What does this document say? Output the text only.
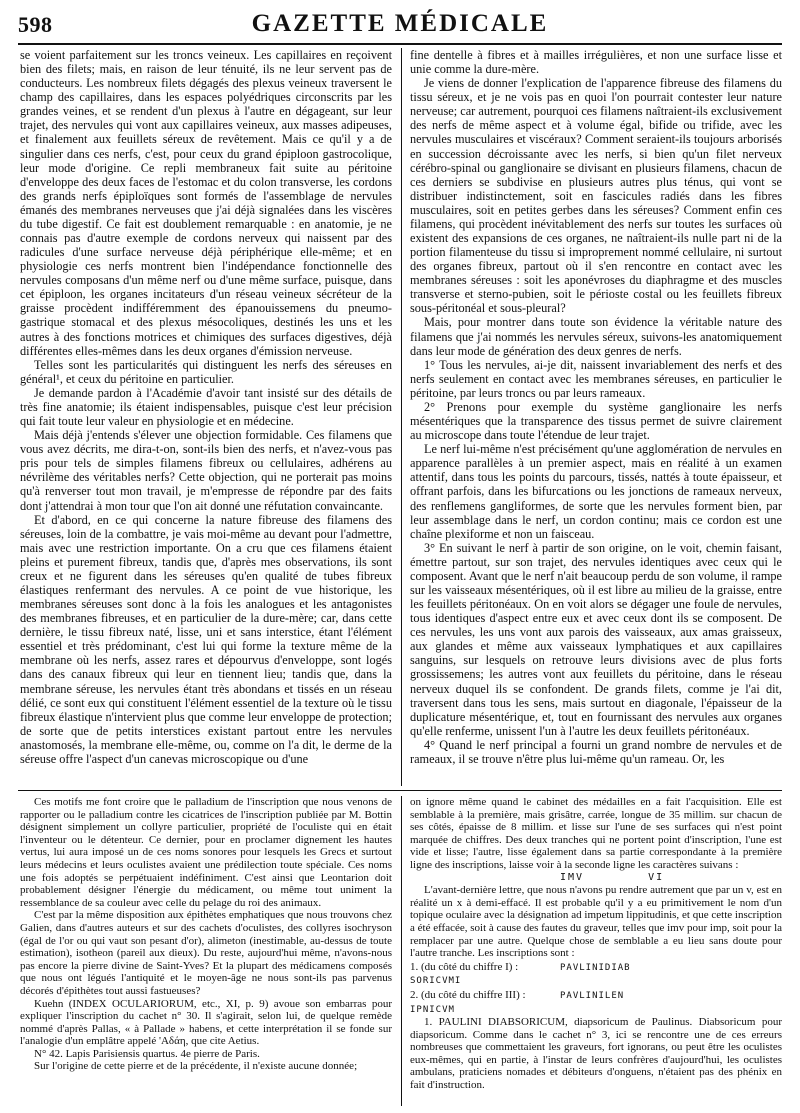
598	GAZETTE MÉDICALE

se voient parfaitement sur les troncs veineux. Les capillaires en reçoivent bien des filets; mais, en raison de leur ténuité, ils ne leur servent pas de conducteurs. Les nombreux filets dégagés des plexus veineux traversent le champ des capillaires, dans les espaces polyédriques circonscrits par les grandes veines, et se rendent d'un plexus à l'autre en dégageant, sur leur trajet, des nervules qui vont aux capillaires veineux, aux masses adipeuses, et finalement aux feuillets séreux de revêtement. Mais ce qu'il y a de singulier dans ces nerfs, c'est, pour ceux du grand épiploon gastrocolique, leur mode d'origine. Ce repli membraneux fait suite au péritoine d'enveloppe des deux faces de l'estomac et du colon transverse, les cordons des grands nerfs épiploïques sont formés de l'assemblage de nervules émanés des membranes nerveuses que j'ai déjà signalées dans les viscères du tube digestif. Ce fait est doublement remarquable : en anatomie, je ne connais pas d'autre exemple de cordons nerveux qui naissent par des radicules d'une surface nerveuse déjà périphérique elle-même; et en physiologie ces nerfs montrent bien l'indépendance fonctionnelle des nervules composans d'un même nerf ou d'une même surface, puisque, dans cet épiploon, les organes incitateurs d'un réseau veineux sécréteur de la graisse procèdent indifféremment des épanouissemens du pneumo-gastrique stomacal et des plexus mésocoliques, destinés les uns et les autres à des fonctions motrices et chimiques des surfaces digestives, déjà différentes elles-mêmes dans les deux organes d'émission nerveuse.

Telles sont les particularités qui distinguent les nerfs des séreuses en général¹, et ceux du péritoine en particulier.

Je demande pardon à l'Académie d'avoir tant insisté sur des détails de très fine anatomie; ils étaient indispensables, puisque c'est leur précision qui fait toute leur valeur en physiologie et en médecine.

Mais déjà j'entends s'élever une objection formidable. Ces filamens que vous avez décrits, me dira-t-on, sont-ils bien des nerfs, et n'avez-vous pas pris pour tels de simples filamens fibreux ou cellulaires, adhérens au névrilème des véritables nerfs? Cette objection, qui ne porterait pas moins qu'à renverser tout mon travail, je m'empresse de répondre par des faits dont j'attendrai à mon tour que l'on ait donné une réfutation convaincante.

Et d'abord, en ce qui concerne la nature fibreuse des filamens des séreuses, loin de la combattre, je vais moi-même au devant pour l'admettre, mais avec une restriction importante. On a cru que ces filamens étaient pleins et purement fibreux, tandis que, d'après mes observations, ils sont creux et ne figurent dans les séreuses qu'en qualité de tubes fibreux élastiques renfermant des nervules. A ce point de vue historique, les membranes séreuses sont donc à la fois les analogues et les antagonistes des membranes fibreuses, et en particulier de la dure-mère; car, dans cette dernière, le tissu fibreux naté, lisse, uni et sans interstice, étant l'élément essentiel et très prédominant, c'est lui qui forme la texture même de la membrane où les nerfs, assez rares et dépourvus d'enveloppe, sont logés dans des canaux fibreux qui leur en tiennent lieu; tandis que, dans la membrane séreuse, les nervules étant très abondans et tissés en un réseau délié, ce sont eux qui constituent l'élément essentiel de la texture où le tissu fibreux élastique n'intervient plus que comme leur enveloppe de protection; de sorte que de petits interstices existant partout entre les nervules anastomosés, la membrane elle-même, ou, comme on l'a dit, le derme de la séreuse offre l'aspect d'un canevas microscopique ou d'une

fine dentelle à fibres et à mailles irrégulières, et non une surface lisse et unie comme la dure-mère.

Je viens de donner l'explication de l'apparence fibreuse des filamens du tissu séreux, et je ne vois pas en quoi l'on pourrait contester leur nature nerveuse; car autrement, pourquoi ces filamens naîtraient-ils exclusivement des nerfs de même aspect et à volume égal, bifide ou trifide, avec les nervules musculaires et viscéraux? Comment seraient-ils toujours arborisés en succession décroissante avec les nerfs, si bien qu'un filet nerveux cérébro-spinal ou ganglionaire se divisant en plusieurs filamens, chacun de ces derniers se subdivise en plusieurs autres plus ténus, qui vont se distribuer indistinctement, soit en fascicules radiés dans les fibres musculaires, soit en petites gerbes dans les séreuses? Comment enfin ces filamens, qui procèdent inévitablement des nerfs sur toutes les surfaces où existent des expansions de ces organes, ne naîtraient-ils nulle part ni de la portion filamenteuse du tissu si improprement nommé cellulaire, ni surtout des organes fibreux, partout où il s'en rencontre en contact avec les membranes séreuses : soit les aponévroses du diaphragme et des muscles transverse et sterno-pubien, soit le périoste costal ou les feuillets fibreux sous-péritonéal et sous-pleural?

Mais, pour montrer dans toute son évidence la véritable nature des filamens que j'ai nommés les nervules séreux, suivons-les anatomiquement dans leur mode de génération des deux genres de nerfs.

1° Tous les nervules, ai-je dit, naissent invariablement des nerfs et des nerfs seulement en contact avec les membranes séreuses, en particulier le péritoine, par leurs troncs ou par leurs rameaux.

2° Prenons pour exemple du système ganglionaire les nerfs mésentériques que la transparence des tissus permet de suivre clairement au microscope dans toute l'étendue de leur trajet.

Le nerf lui-même n'est précisément qu'une agglomération de nervules en apparence parallèles à un premier aspect, mais en réalité à un examen attentif, dans tous les points du parcours, tissés, nattés à toute épaisseur, et offrant parfois, dans les bifurcations ou les jonctions de rameaux nerveux, des renflemens gangliformes, de sorte que les nervules forment bien, par leur assemblage dans le nerf, un cordon continu; mais ce cordon est une chaîne plexiforme et non un faisceau.

3° En suivant le nerf à partir de son origine, on le voit, chemin faisant, émettre partout, sur son trajet, des nervules identiques avec ceux qui le composent. Avant que le nerf n'ait beaucoup perdu de son volume, il rampe sur les vaisseaux mésentériques, où il est libre au milieu de la graisse, entre les feuillets péritonéaux. On en voit alors se dégager une foule de nervules, tous identiques d'aspect entre eux et avec ceux dont ils se composent. De ces nervules, les uns vont aux parois des vaisseaux, aux amas graisseux, aux glandes et même aux vaisseaux lymphatiques et aux capillaires sanguins, sur lesquels on retrouve leurs divisions avec de plus forts grossissemens; les autres vont aux feuillets du péritoine, dans le réseau nerveux duquel ils se confondent. De grands filets, comme je l'ai dit, traversent dans tous les sens, mais surtout en diagonale, l'épaisseur de la duplicature mésentérique, et, tout en fournissant des nervules aux organes qu'elle renferme, unissent l'un à l'autre les deux feuillets péritonéaux.

4° Quand le nerf principal a fourni un grand nombre de nervules et de rameaux, il se trouve n'être plus lui-même qu'un rameau. Or, les

Ces motifs me font croire que le palladium de l'inscription que nous venons de rapporter ou le palladium contre les cicatrices de l'inscription publiée par M. Bottin désignent simplement un collyre particulier, propriété de l'oculiste qui en était l'inventeur ou le détenteur. Ce dernier, pour en proclamer dignement les hautes vertus, lui aura imposé un de ces noms sonores pour lesquels les Grecs et surtout leurs médecins et leurs oculistes avaient une prédilection toute spéciale. Ces noms une fois adoptés se perpétuaient indéfiniment. C'est ainsi que Leontarion doit probablement désigner l'énergie du médicament, ou même tout uniment la ressemblance de sa couleur avec celle du pelage du roi des animaux.

C'est par la même disposition aux épithètes emphatiques que nous trouvons chez Galien, dans d'autres auteurs et sur des cachets d'oculistes, des collyres isochryson (égal de l'or ou qui vaut son pesant d'or), alimeton (inestimable, au-dessus de toute estimation), isotheon (pareil aux dieux). Du reste, aujourd'hui même, n'avons-nous pas encore la pierre divine de Saint-Yves? Et la plupart des médicamens composés que nous ont légués l'antiquité et le moyen-âge ne nous sont-ils pas parvenus décorés d'épithètes tout aussi fastueuses?

Kuehn (INDEX OCULARIORUM, etc., XI, p. 9) avoue son embarras pour expliquer l'inscription du cachet n° 30. Il s'agirait, selon lui, de quelque remède nommé d'après Pallas, « à Pallade » habens, et cette interprétation il se fonde sur l'analogie d'un emplâtre appelé 'Αδάη, que cite Aetius.

N° 42. Lapis Parisiensis quartus. 4e pierre de Paris.

Sur l'origine de cette pierre et de la précédente, il n'existe aucune donnée;

on ignore même quand le cabinet des médailles en a fait l'acquisition. Elle est semblable à la première, mais grisâtre, carrée, longue de 35 millim. sur chacun de ses côtés, épaisse de 8 millim. et lisse sur l'une de ses surfaces qui n'est point marquée de chiffres. Des deux tranches qui ne portent point d'inscription, l'une est vide et lisse; l'autre, lisse également dans sa partie correspondante à la première ligne des inscriptions, laisse voir à la seconde ligne les caractères suivans :

IMV	VI

L'avant-dernière lettre, que nous n'avons pu rendre autrement que par un v, est en réalité un x à demi-effacé. Il est probable qu'il y a eu primitivement le nom d'un topique oculaire avec la désignation ad impetum lippitudinis, et que cette inscription a été effacée, soit à cause des fautes du graveur, telles que imv pour imp, soit pour la remplacer par une autre. Quelque chose de semblable a eu lieu sans doute pour l'autre tranche. Les inscriptions sont :

1. (du côté du chiffre I) :	PAVLINIDIAB

SORICVMI

2. (du côté du chiffre III) :	PAVLINILEN

IPNICVM

1. PAULINI DIABSORICUM, diapsoricum de Paulinus. Diabsoricum pour diapsoricum. Comme dans le cachet n° 3, ici se rencontre une de ces erreurs nombreuses que commettaient les graveurs, fort ignorans, ou peut être les oculistes eux-mêmes, qui en partie, à l'instar de leurs confrères d'aujourd'hui, les oculistes ambulans, praticiens nomades et débiteurs d'onguens, n'étaient pas des phénix en fait d'instruction.
